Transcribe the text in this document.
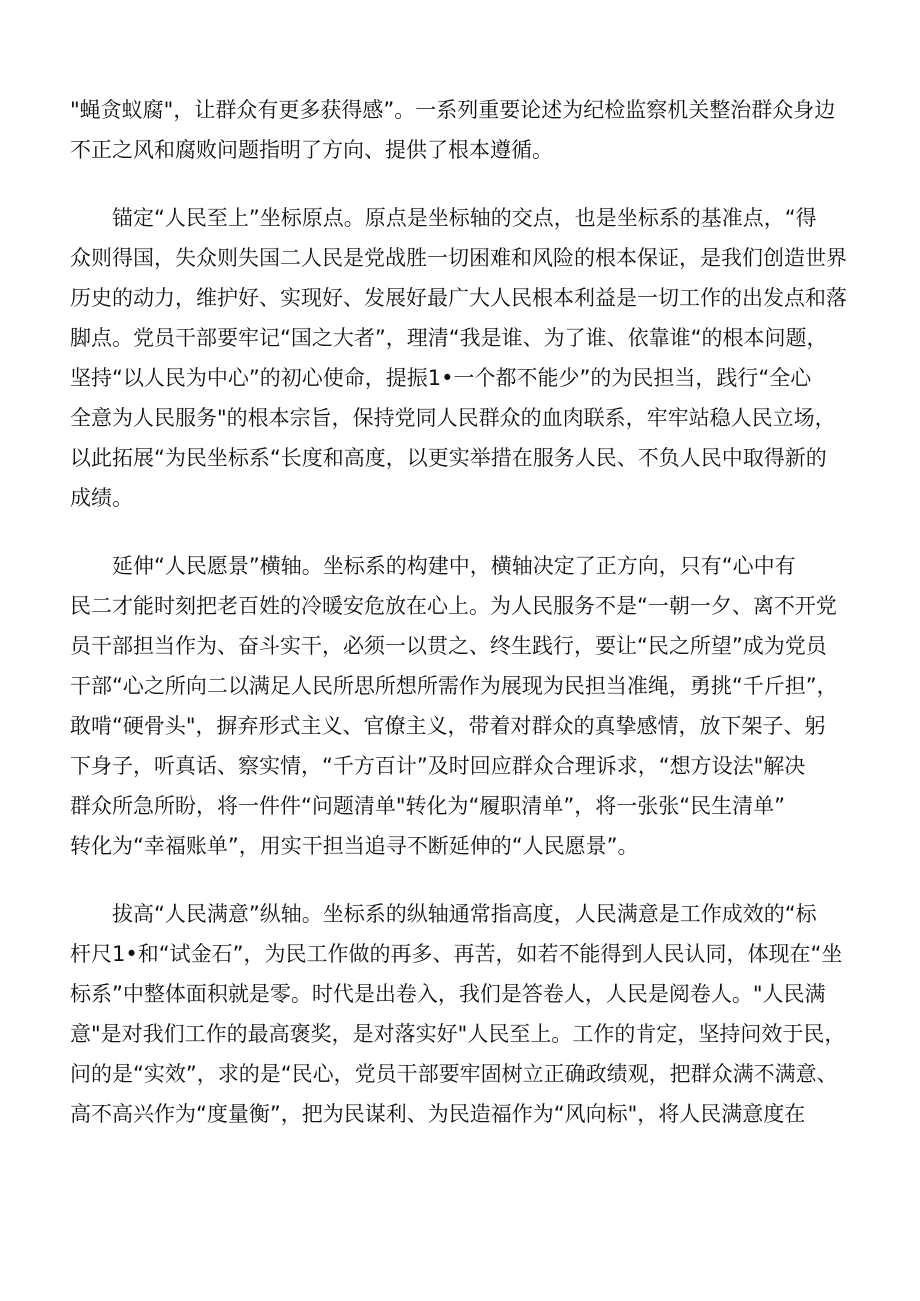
"蝇贪蚁腐"，让群众有更多获得感”。一系列重要论述为纪检监察机关整治群众身边
不正之风和腐败问题指明了方向、提供了根本遵循。
　　锚定“人民至上”坐标原点。原点是坐标轴的交点，也是坐标系的基准点，“得
众则得国，失众则失国二人民是党战胜一切困难和风险的根本保证，是我们创造世界
历史的动力，维护好、实现好、发展好最广大人民根本利益是一切工作的出发点和落
脚点。党员干部要牢记“国之大者”，理清“我是谁、为了谁、依靠谁“的根本问题，
坚持“以人民为中心”的初心使命，提振1•一个都不能少”的为民担当，践行“全心
全意为人民服务"的根本宗旨，保持党同人民群众的血肉联系，牢牢站稳人民立场，
以此拓展“为民坐标系“长度和高度，以更实举措在服务人民、不负人民中取得新的
成绩。
　　延伸“人民愿景”横轴。坐标系的构建中，横轴决定了正方向，只有“心中有
民二才能时刻把老百姓的冷暖安危放在心上。为人民服务不是“一朝一夕、离不开党
员干部担当作为、奋斗实干，必须一以贯之、终生践行，要让“民之所望”成为党员
干部“心之所向二以满足人民所思所想所需作为展现为民担当准绳，勇挑“千斤担”，
敢啃“硬骨头"，摒弃形式主义、官僚主义，带着对群众的真挚感情，放下架子、躬
下身子，听真话、察实情，“千方百计”及时回应群众合理诉求，“想方设法"解决
群众所急所盼，将一件件“问题清单"转化为“履职清单”，将一张张“民生清单”
转化为“幸福账单”，用实干担当追寻不断延伸的“人民愿景”。
　　拔高“人民满意”纵轴。坐标系的纵轴通常指高度，人民满意是工作成效的“标
杆尺1•和“试金石”，为民工作做的再多、再苦，如若不能得到人民认同，体现在“坐
标系”中整体面积就是零。时代是出卷入，我们是答卷人，人民是阅卷人。"人民满
意"是对我们工作的最高褒奖，是对落实好"人民至上。工作的肯定，坚持问效于民，
问的是“实效”，求的是“民心，党员干部要牢固树立正确政绩观，把群众满不满意、
高不高兴作为“度量衡”，把为民谋利、为民造福作为“风向标"，将人民满意度在
